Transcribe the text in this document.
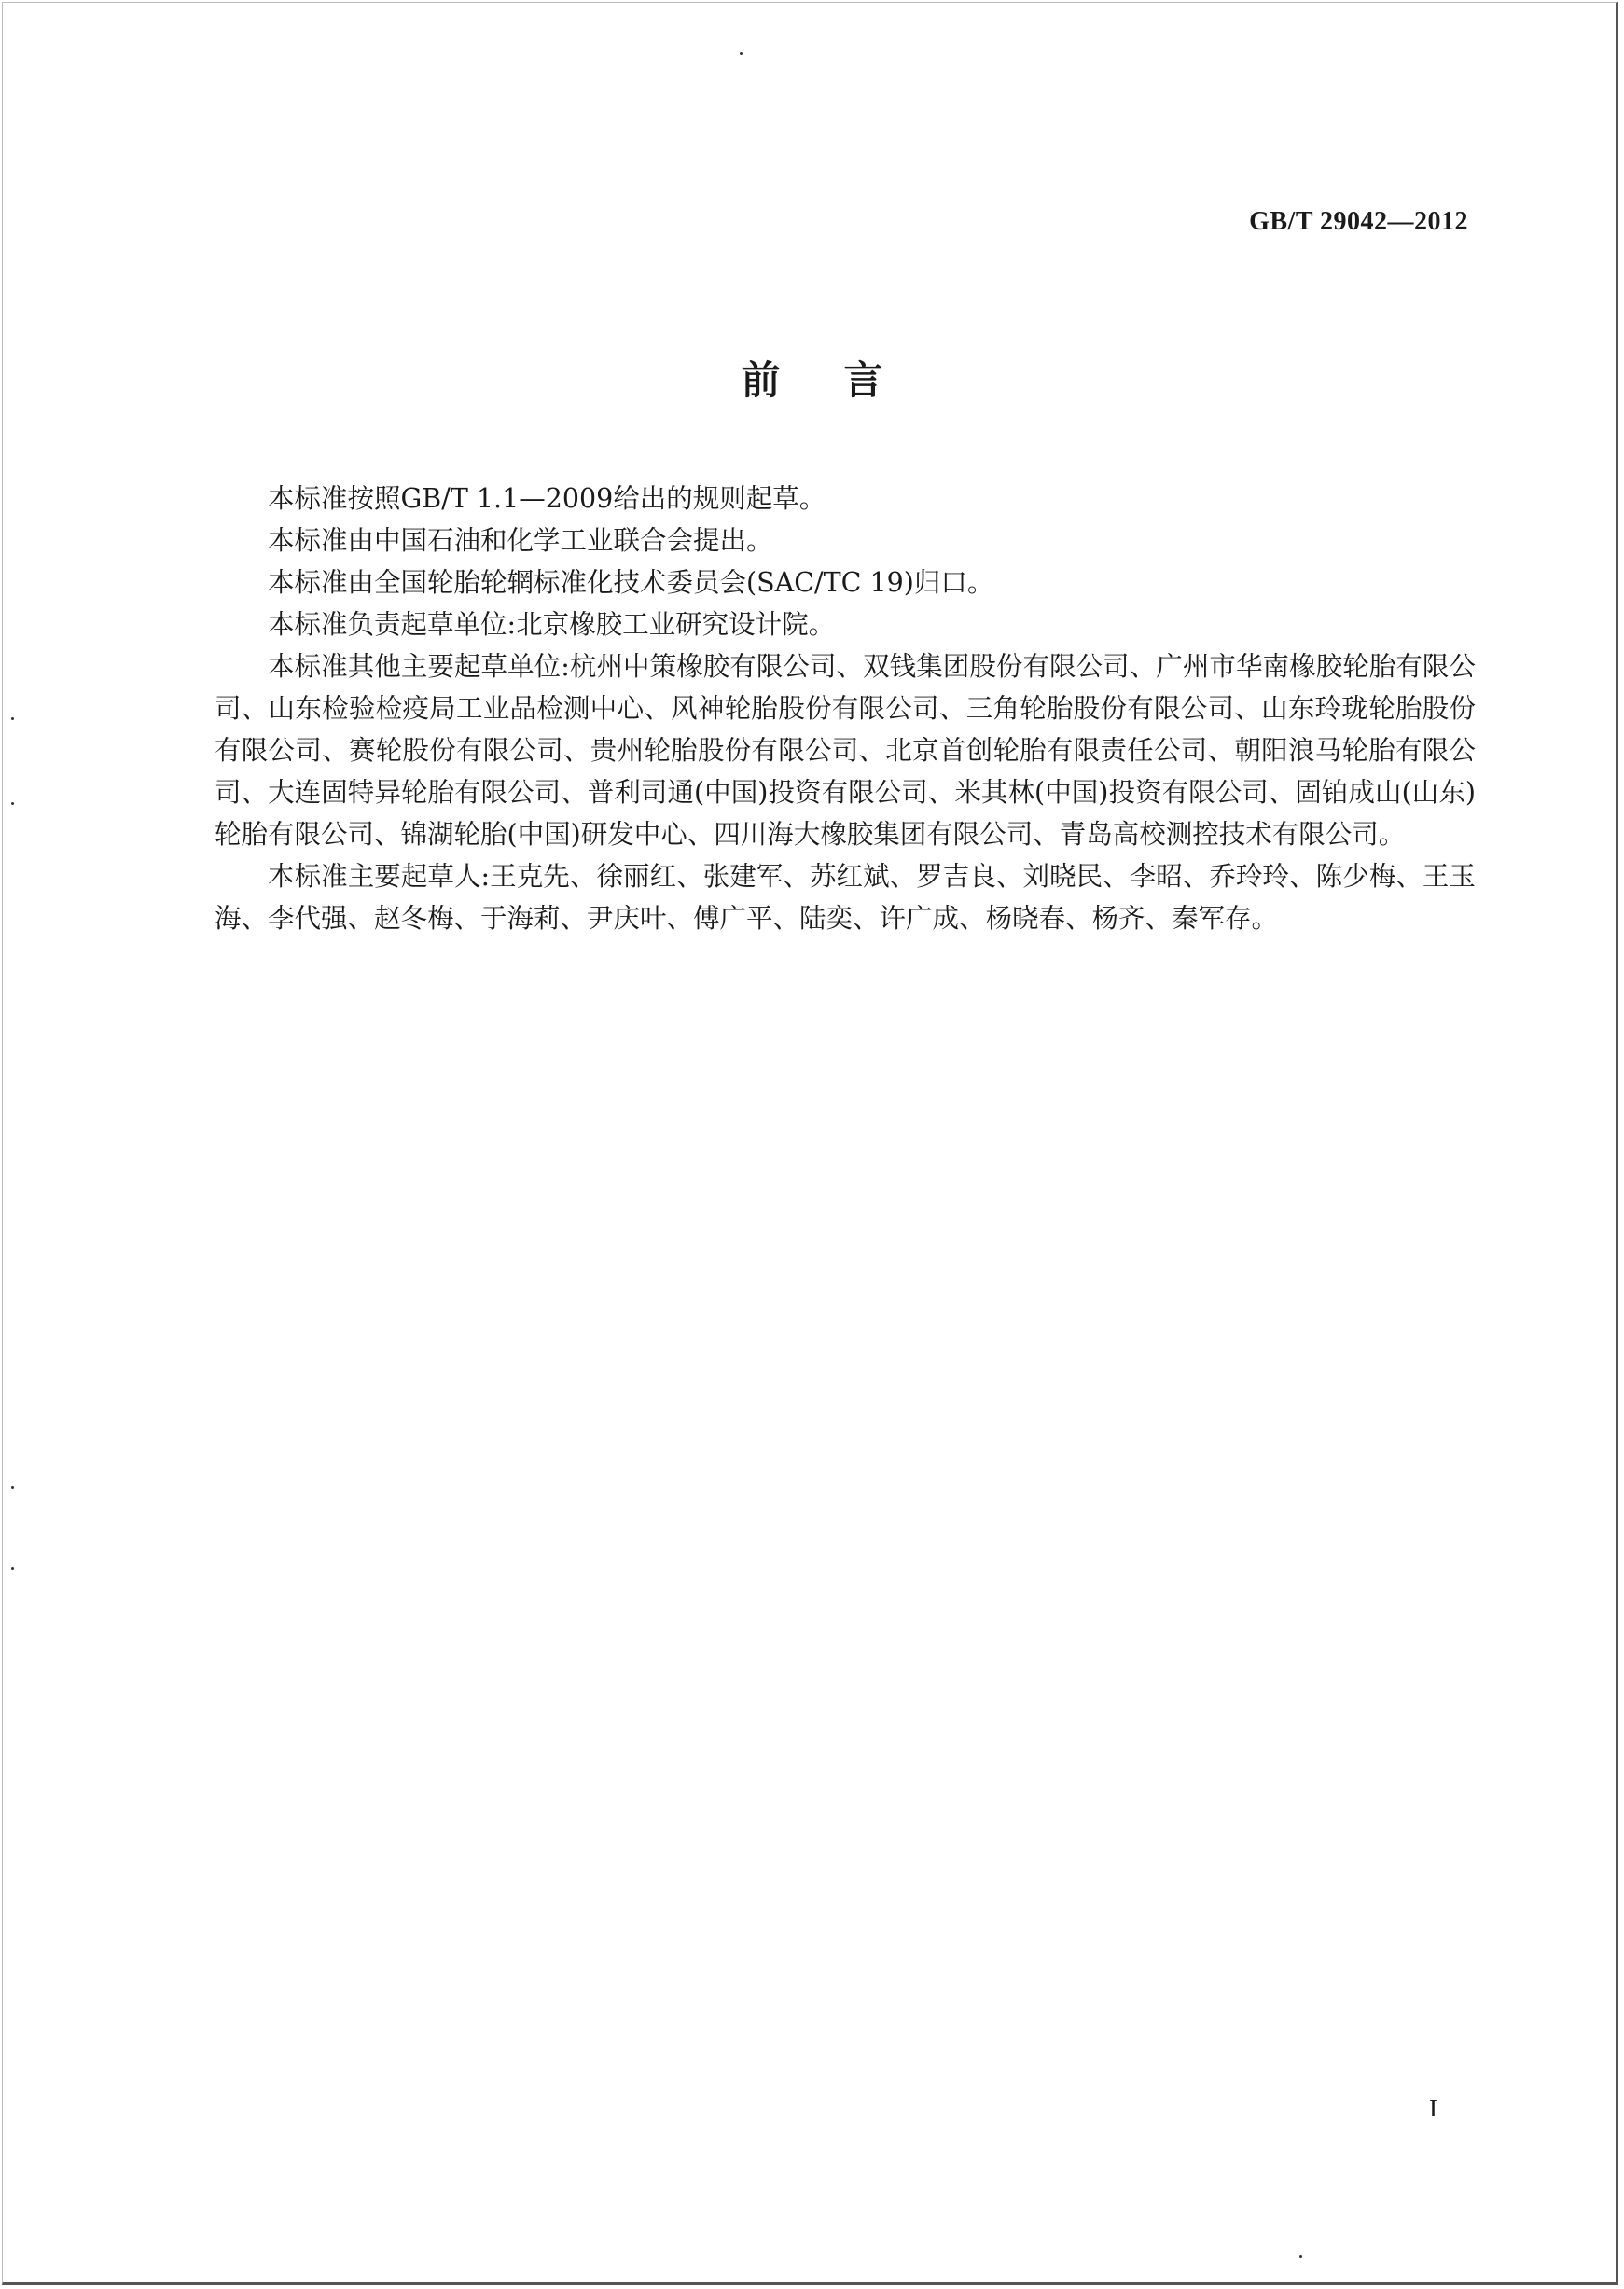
GB/T 29042—2012
前言

本标准按照GB/T 1.1—2009给出的规则起草。

本标准由中国石油和化学工业联合会提出。

本标准由全国轮胎轮辋标准化技术委员会(SAC/TC 19)归口。

本标准负责起草单位:北京橡胶工业研究设计院。

本标准其他主要起草单位:杭州中策橡胶有限公司、双钱集团股份有限公司、广州市华南橡胶轮胎有限公司、山东检验检疫局工业品检测中心、风神轮胎股份有限公司、三角轮胎股份有限公司、山东玲珑轮胎股份有限公司、赛轮股份有限公司、贵州轮胎股份有限公司、北京首创轮胎有限责任公司、朝阳浪马轮胎有限公司、大连固特异轮胎有限公司、普利司通(中国)投资有限公司、米其林(中国)投资有限公司、固铂成山(山东)轮胎有限公司、锦湖轮胎(中国)研发中心、四川海大橡胶集团有限公司、青岛高校测控技术有限公司。

本标准主要起草人:王克先、徐丽红、张建军、苏红斌、罗吉良、刘晓民、李昭、乔玲玲、陈少梅、王玉海、李代强、赵冬梅、于海莉、尹庆叶、傅广平、陆奕、许广成、杨晓春、杨齐、秦军存。

I
